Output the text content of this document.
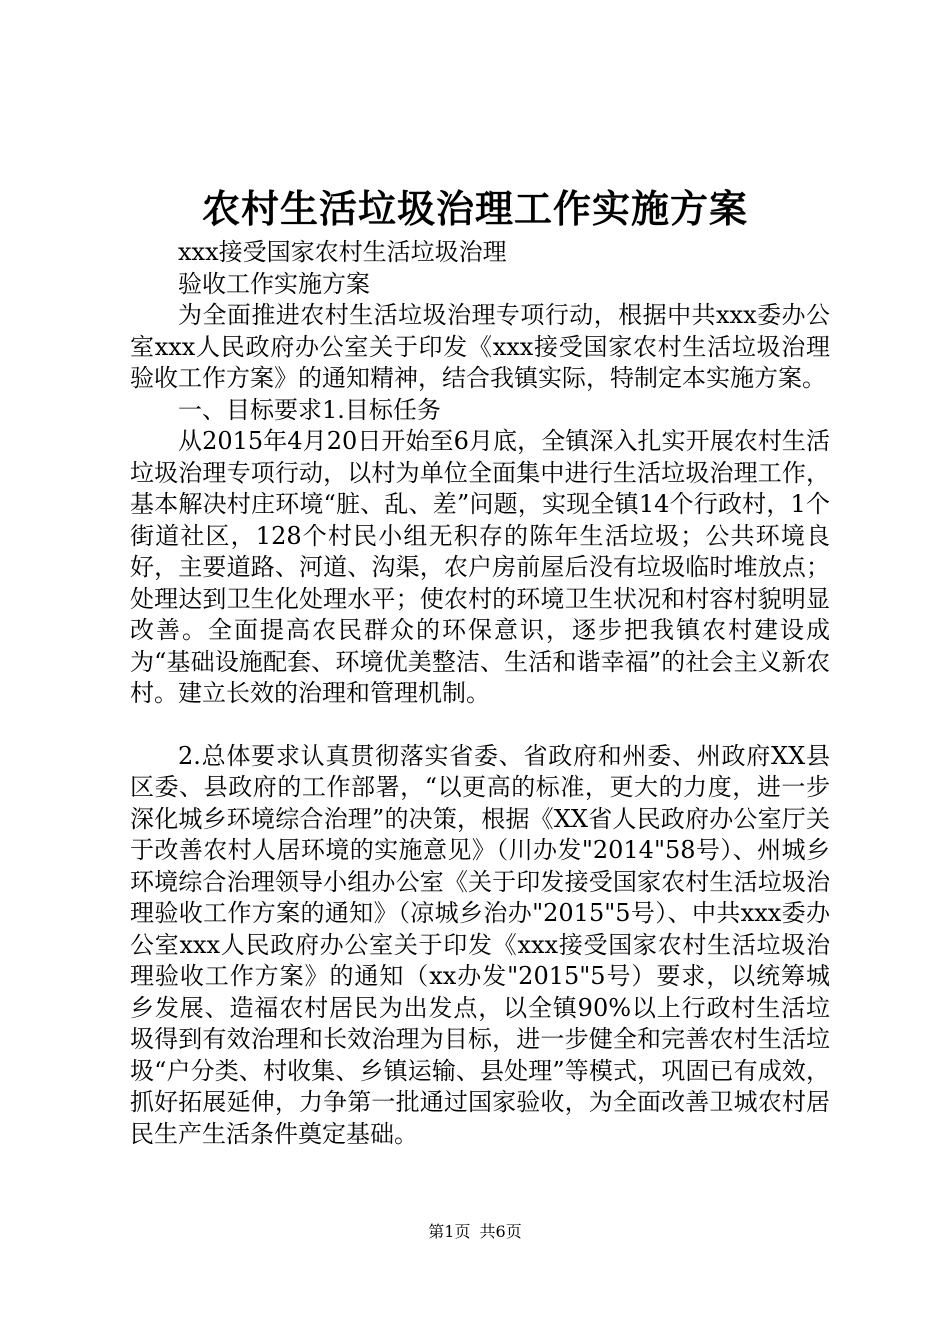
农村生活垃圾治理工作实施方案
xxx接受国家农村生活垃圾治理
验收工作实施方案

为全面推进农村生活垃圾治理专项行动，根据中共xxx委办公室xxx人民政府办公室关于印发《xxx接受国家农村生活垃圾治理验收工作方案》的通知精神，结合我镇实际，特制定本实施方案。

一、目标要求1.目标任务

从2015年4月20日开始至6月底，全镇深入扎实开展农村生活垃圾治理专项行动，以村为单位全面集中进行生活垃圾治理工作，基本解决村庄环境“脏、乱、差”问题，实现全镇14个行政村，1个街道社区，128个村民小组无积存的陈年生活垃圾；公共环境良好，主要道路、河道、沟渠，农户房前屋后没有垃圾临时堆放点；处理达到卫生化处理水平；使农村的环境卫生状况和村容村貌明显改善。全面提高农民群众的环保意识，逐步把我镇农村建设成为“基础设施配套、环境优美整洁、生活和谐幸福”的社会主义新农村。建立长效的治理和管理机制。

2.总体要求认真贯彻落实省委、省政府和州委、州政府XX县区委、县政府的工作部署，“以更高的标准，更大的力度，进一步深化城乡环境综合治理”的决策，根据《XX省人民政府办公室厅关于改善农村人居环境的实施意见》（川办发"2014"58号）、州城乡环境综合治理领导小组办公室《关于印发接受国家农村生活垃圾治理验收工作方案的通知》（凉城乡治办"2015"5号）、中共xxx委办公室xxx人民政府办公室关于印发《xxx接受国家农村生活垃圾治理验收工作方案》的通知（xx办发"2015"5号）要求，以统筹城乡发展、造福农村居民为出发点，以全镇90%以上行政村生活垃圾得到有效治理和长效治理为目标，进一步健全和完善农村生活垃圾“户分类、村收集、乡镇运输、县处理”等模式，巩固已有成效，抓好拓展延伸，力争第一批通过国家验收，为全面改善卫城农村居民生产生活条件奠定基础。

第1页 共6页
